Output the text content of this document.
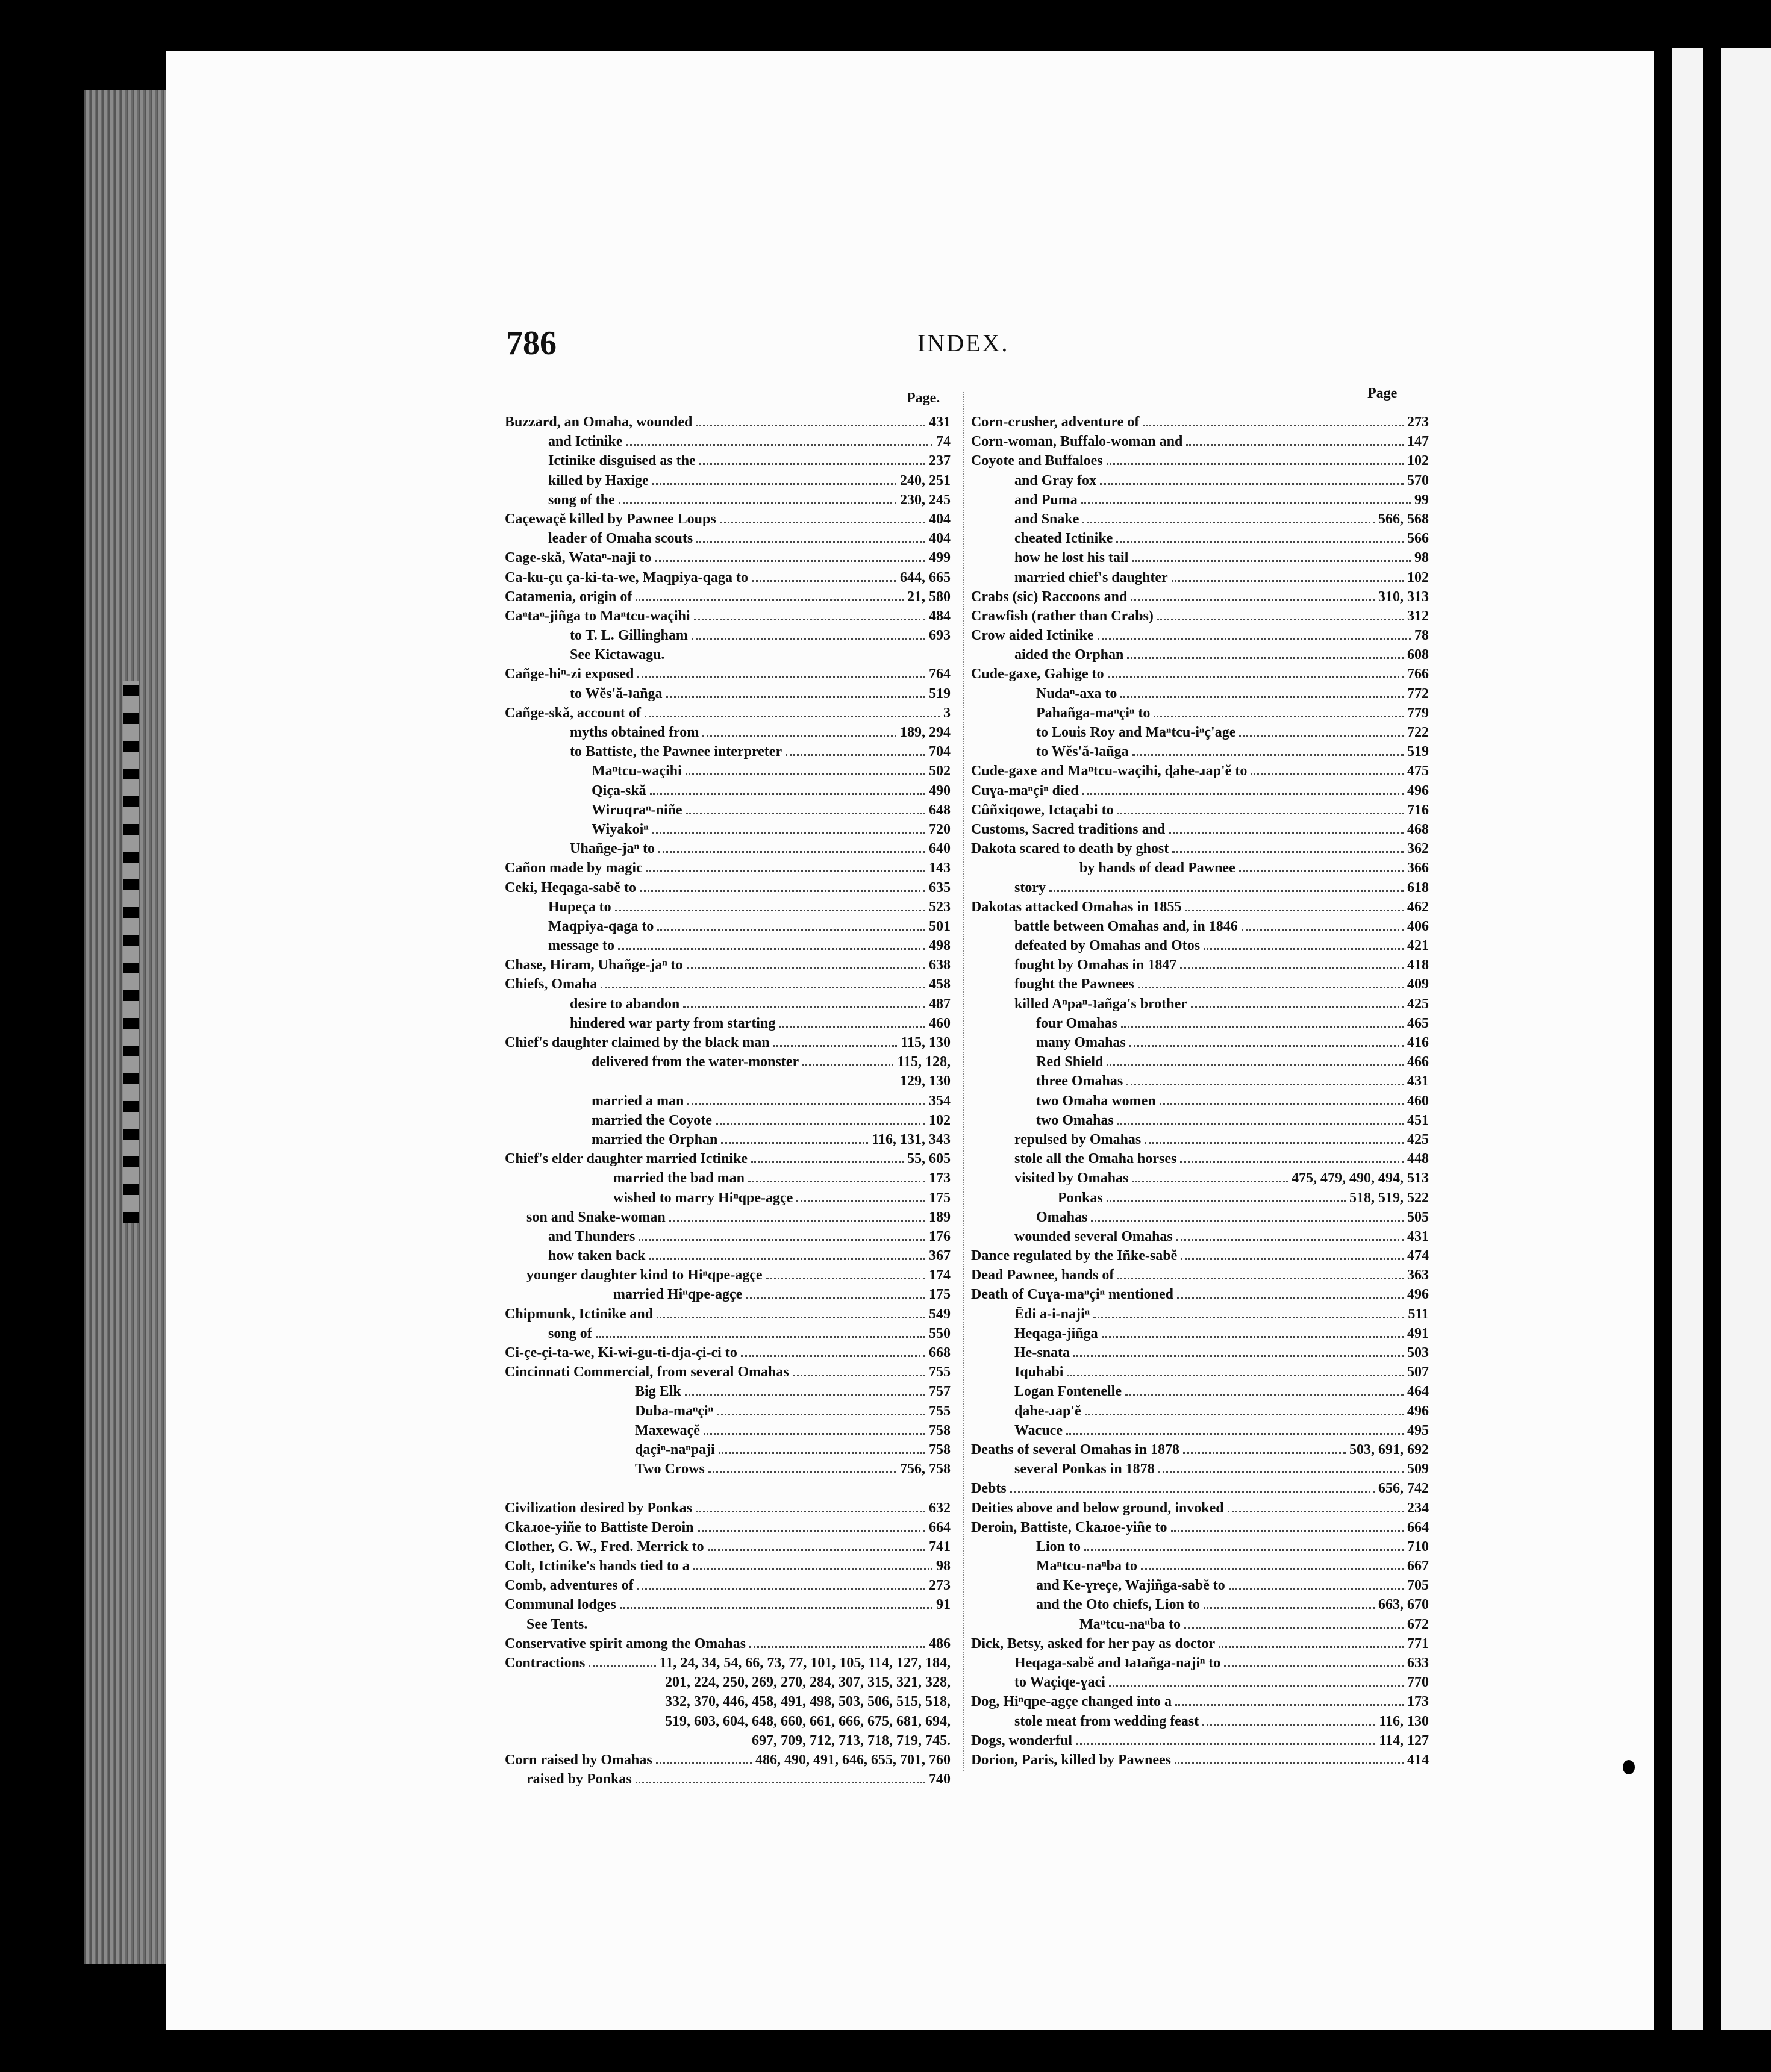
786	INDEX.
Page.	Page
Buzzard, an Omaha, wounded	431
and Ictinike	74
Ictinike disguised as the	237
killed by Haxige	240, 251
song of the	230, 245
Caçewaçĕ killed by Pawnee Loups	404
leader of Omaha scouts	404
Cage-skă, Wataⁿ-naji to	499
Ca-ku-çu ça-ki-ta-we, Maqpiya-qaga to	644, 665
Catamenia, origin of	21, 580
Caⁿtaⁿ-jiñga to Maⁿtcu-waçihi	484
to T. L. Gillingham	693
See Kictawagu.
Cañge-hiⁿ-zi exposed	764
to Wĕs'ă-ʇañga	519
Cañge-skă, account of	3
myths obtained from	189, 294
to Battiste, the Pawnee interpreter	704
Maⁿtcu-waçihi	502
Qiça-skă	490
Wiruqraⁿ-niñe	648
Wiyakoiⁿ	720
Uhañge-jaⁿ to	640
Cañon made by magic	143
Ceki, Heqaga-sabĕ to	635
Hupeça to	523
Maqpiya-qaga to	501
message to	498
Chase, Hiram, Uhañge-jaⁿ to	638
Chiefs, Omaha	458
desire to abandon	487
hindered war party from starting	460
Chief's daughter claimed by the black man	115, 130
delivered from the water-monster	115, 128,
129, 130
married a man	354
married the Coyote	102
married the Orphan	116, 131, 343
Chief's elder daughter married Ictinike	55, 605
married the bad man	173
wished to marry Hiⁿqpe-agçe	175
son and Snake-woman	189
and Thunders	176
how taken back	367
younger daughter kind to Hiⁿqpe-agçe	174
married Hiⁿqpe-agçe	175
Chipmunk, Ictinike and	549
song of	550
Ci-çe-çi-ta-we, Ki-wi-gu-ti-dja-çi-ci to	668
Cincinnati Commercial, from several Omahas	755
Big Elk	757
Duba-maⁿçiⁿ	755
Maxewaçĕ	758
ɖaçiⁿ-naⁿpaji	758
Two Crows	756, 758
Civilization desired by Ponkas	632
Ckaɹoe-yiñe to Battiste Deroin	664
Clother, G. W., Fred. Merrick to	741
Colt, Ictinike's hands tied to a	98
Comb, adventures of	273
Communal lodges	91
See Tents.
Conservative spirit among the Omahas	486
Contractions	11, 24, 34, 54, 66, 73, 77, 101, 105, 114, 127, 184,
201, 224, 250, 269, 270, 284, 307, 315, 321, 328,
332, 370, 446, 458, 491, 498, 503, 506, 515, 518,
519, 603, 604, 648, 660, 661, 666, 675, 681, 694,
697, 709, 712, 713, 718, 719, 745.
Corn raised by Omahas	486, 490, 491, 646, 655, 701, 760
raised by Ponkas	740
Corn-crusher, adventure of	273
Corn-woman, Buffalo-woman and	147
Coyote and Buffaloes	102
and Gray fox	570
and Puma	99
and Snake	566, 568
cheated Ictinike	566
how he lost his tail	98
married chief's daughter	102
Crabs (sic) Raccoons and	310, 313
Crawfish (rather than Crabs)	312
Crow aided Ictinike	78
aided the Orphan	608
Cude-gaxe, Gahige to	766
Nudaⁿ-axa to	772
Pahañga-maⁿçiⁿ to	779
to Louis Roy and Maⁿtcu-iⁿç'age	722
to Wĕs'ă-ʇañga	519
Cude-gaxe and Maⁿtcu-waçihi, ɖahe-ɹap'ĕ to	475
Cuɣa-maⁿçiⁿ died	496
Cûñxiqowe, Ictaçabi to	716
Customs, Sacred traditions and	468
Dakota scared to death by ghost	362
by hands of dead Pawnee	366
story	618
Dakotas attacked Omahas in 1855	462
battle between Omahas and, in 1846	406
defeated by Omahas and Otos	421
fought by Omahas in 1847	418
fought the Pawnees	409
killed Aⁿpaⁿ-ʇañga's brother	425
four Omahas	465
many Omahas	416
Red Shield	466
three Omahas	431
two Omaha women	460
two Omahas	451
repulsed by Omahas	425
stole all the Omaha horses	448
visited by Omahas	475, 479, 490, 494, 513
Ponkas	518, 519, 522
Omahas	505
wounded several Omahas	431
Dance regulated by the Iñke-sabĕ	474
Dead Pawnee, hands of	363
Death of Cuɣa-maⁿçiⁿ mentioned	496
Ēdi a-i-najiⁿ	511
Heqaga-jiñga	491
He-snata	503
Iquhabi	507
Logan Fontenelle	464
ɖahe-ɹap'ĕ	496
Wacuce	495
Deaths of several Omahas in 1878	503, 691, 692
several Ponkas in 1878	509
Debts	656, 742
Deities above and below ground, invoked	234
Deroin, Battiste, Ckaɹoe-yiñe to	664
Lion to	710
Maⁿtcu-naⁿba to	667
and Ke-ɣreçe, Wajiñga-sabĕ to	705
and the Oto chiefs, Lion to	663, 670
Maⁿtcu-naⁿba to	672
Dick, Betsy, asked for her pay as doctor	771
Heqaga-sabĕ and ʇaʇañga-najiⁿ to	633
to Waçiqe-ɣaci	770
Dog, Hiⁿqpe-agçe changed into a	173
stole meat from wedding feast	116, 130
Dogs, wonderful	114, 127
Dorion, Paris, killed by Pawnees	414
